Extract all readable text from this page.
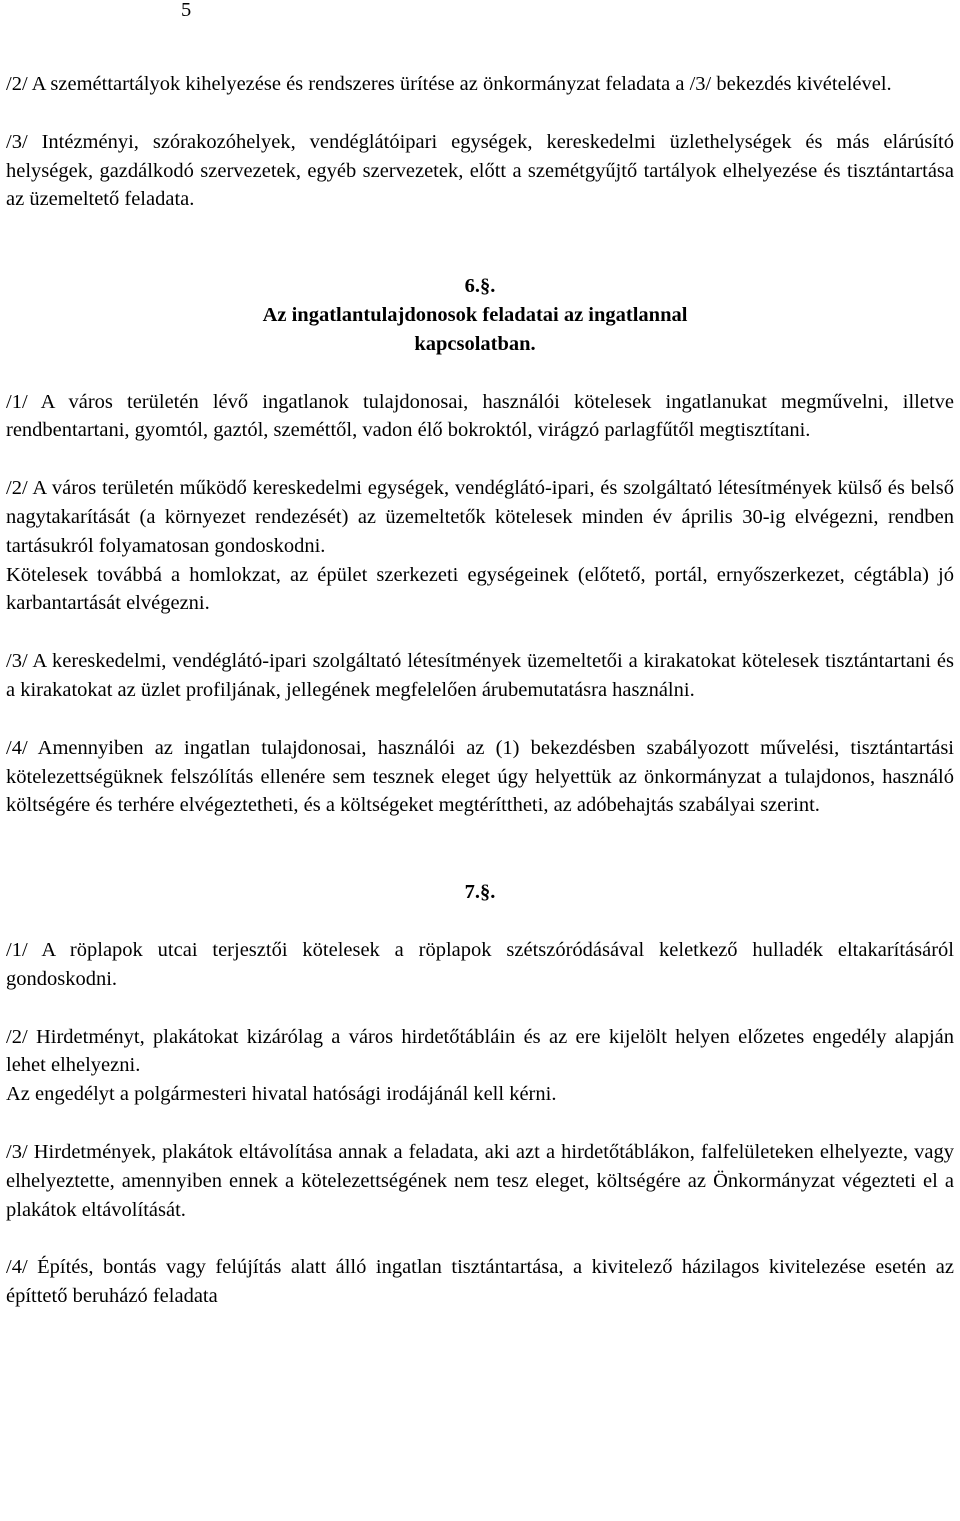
5

/2/ A szeméttartályok kihelyezése és rendszeres ürítése az önkormányzat feladata a /3/ bekezdés kivételével.

/3/ Intézményi, szórakozóhelyek, vendéglátóipari egységek, kereskedelmi üzlethelységek és más elárúsító helységek, gazdálkodó szervezetek, egyéb szervezetek, előtt a szemétgyűjtő tartályok elhelyezése és tisztántartása az üzemeltető feladata.

6.§.
Az ingatlantulajdonosok feladatai az ingatlannal kapcsolatban.

/1/ A város területén lévő ingatlanok tulajdonosai, használói kötelesek ingatlanukat megművelni, illetve rendbentartani, gyomtól, gaztól, szeméttől, vadon élő bokroktól, virágzó parlagfűtől megtisztítani.

/2/ A város területén működő kereskedelmi egységek, vendéglátó-ipari, és szolgáltató létesítmények külső és belső nagytakarítását (a környezet rendezését) az üzemeltetők kötelesek minden év április 30-ig elvégezni, rendben tartásukról folyamatosan gondoskodni.

Kötelesek továbbá a homlokzat, az épület szerkezeti egységeinek (előtető, portál, ernyőszerkezet, cégtábla) jó karbantartását elvégezni.

/3/ A kereskedelmi, vendéglátó-ipari szolgáltató létesítmények üzemeltetői a kirakatokat kötelesek tisztántartani és a kirakatokat az üzlet profiljának, jellegének megfelelően árubemutatásra használni.

/4/ Amennyiben az ingatlan tulajdonosai, használói az (1) bekezdésben szabályozott művelési, tisztántartási kötelezettségüknek felszólítás ellenére sem tesznek eleget úgy helyettük az önkormányzat a tulajdonos, használó költségére és terhére elvégeztetheti, és a költségeket megtéríttheti, az adóbehajtás szabályai szerint.

7.§.

/1/ A röplapok utcai terjesztői kötelesek a röplapok szétszóródásával keletkező hulladék eltakarításáról gondoskodni.

/2/ Hirdetményt, plakátokat kizárólag a város hirdetőtábláin és az ere kijelölt helyen előzetes engedély alapján lehet elhelyezni.

Az engedélyt a polgármesteri hivatal hatósági irodájánál kell kérni.

/3/ Hirdetmények, plakátok eltávolítása annak a feladata, aki azt a hirdetőtáblákon, falfelületeken elhelyezte, vagy elhelyeztette, amennyiben ennek a kötelezettségének nem tesz eleget, költségére az Önkormányzat végezteti el a plakátok eltávolítását.

/4/ Építés, bontás vagy felújítás alatt álló ingatlan tisztántartása, a kivitelező házilagos kivitelezése esetén az építtető beruházó feladata
